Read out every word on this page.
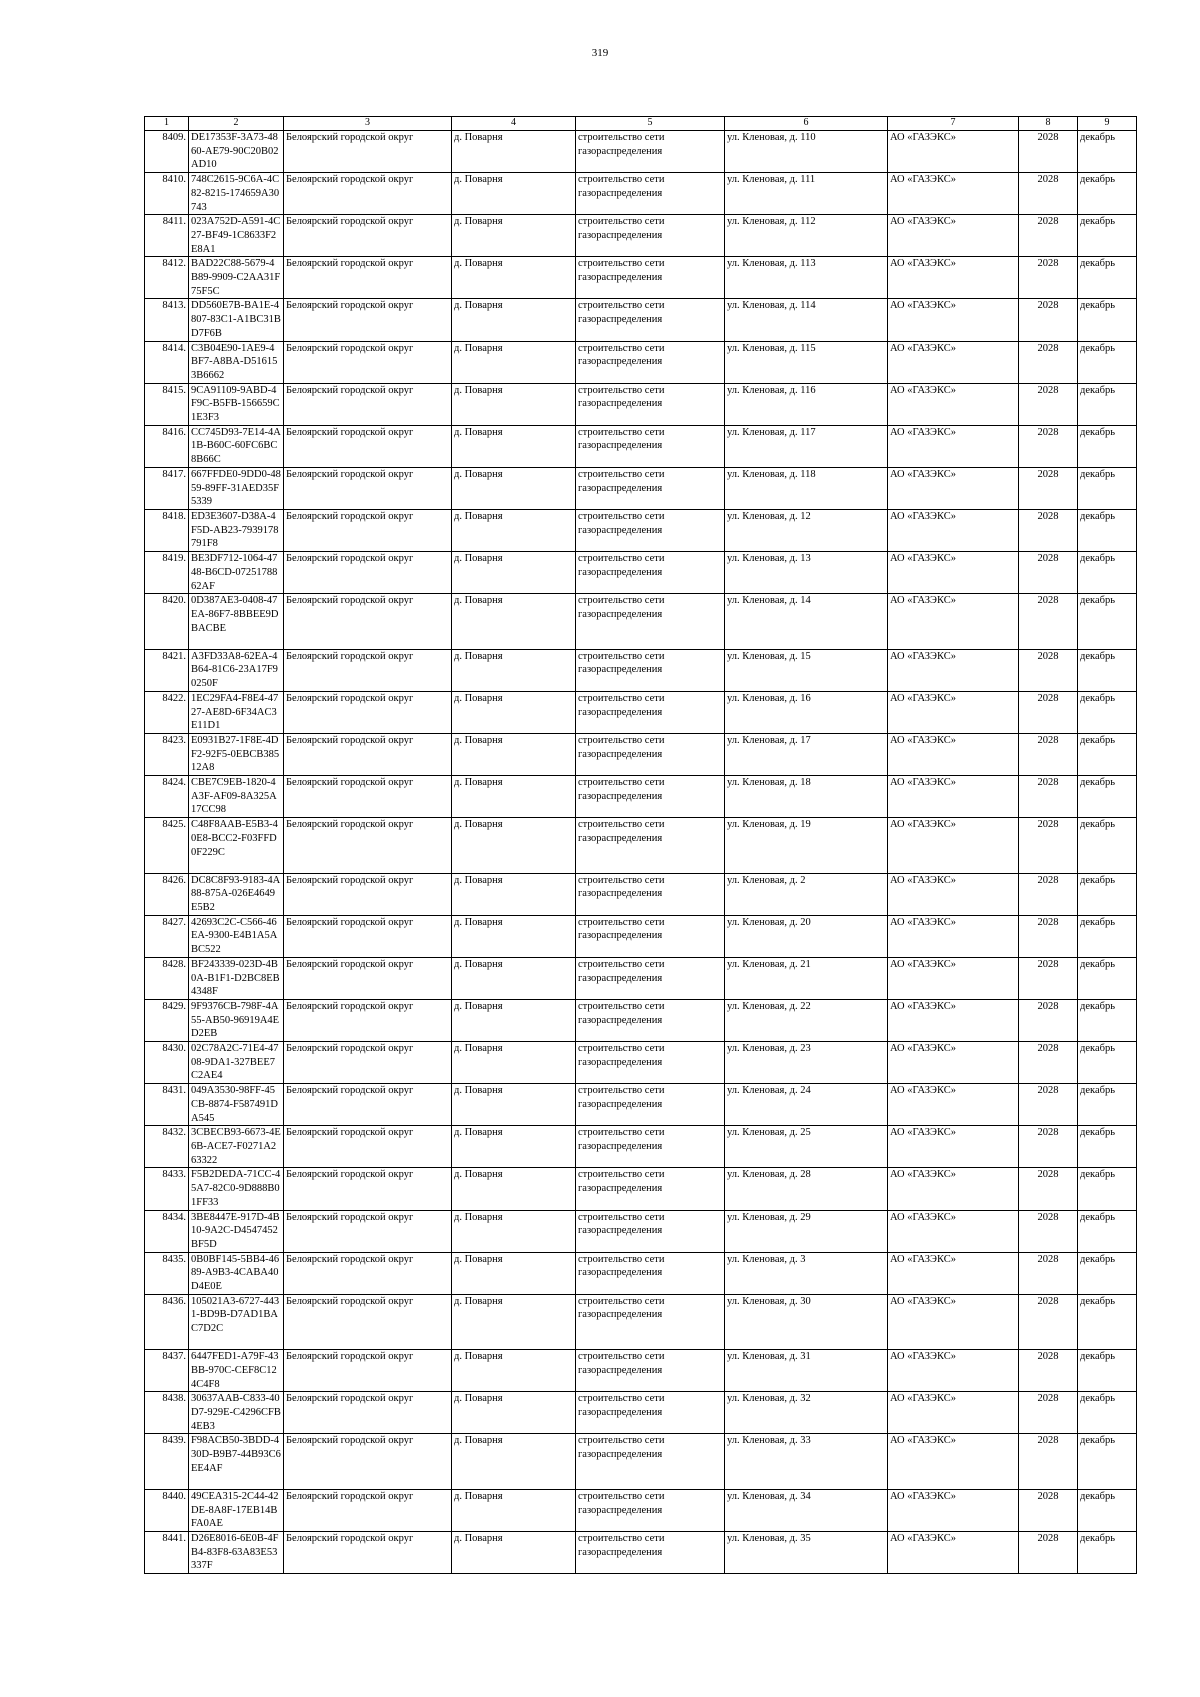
319
1	2	3	4	5	6	7	8	9
8409.	DE17353F-3A73-4860-AE79-90C20B02AD10	Белоярский городской округ	д. Поварня	строительство сети газораспределения	ул. Кленовая, д. 110	АО «ГАЗЭКС»	2028	декабрь
8410.	748C2615-9C6A-4C82-8215-174659A30743	Белоярский городской округ	д. Поварня	строительство сети газораспределения	ул. Кленовая, д. 111	АО «ГАЗЭКС»	2028	декабрь
8411.	023A752D-A591-4C27-BF49-1C8633F2E8A1	Белоярский городской округ	д. Поварня	строительство сети газораспределения	ул. Кленовая, д. 112	АО «ГАЗЭКС»	2028	декабрь
8412.	BAD22C88-5679-4B89-9909-C2AA31F75F5C	Белоярский городской округ	д. Поварня	строительство сети газораспределения	ул. Кленовая, д. 113	АО «ГАЗЭКС»	2028	декабрь
8413.	DD560E7B-BA1E-4807-83C1-A1BC31BD7F6B	Белоярский городской округ	д. Поварня	строительство сети газораспределения	ул. Кленовая, д. 114	АО «ГАЗЭКС»	2028	декабрь
8414.	C3B04E90-1AE9-4BF7-A8BA-D516153B6662	Белоярский городской округ	д. Поварня	строительство сети газораспределения	ул. Кленовая, д. 115	АО «ГАЗЭКС»	2028	декабрь
8415.	9CA91109-9ABD-4F9C-B5FB-156659C1E3F3	Белоярский городской округ	д. Поварня	строительство сети газораспределения	ул. Кленовая, д. 116	АО «ГАЗЭКС»	2028	декабрь
8416.	CC745D93-7E14-4A1B-B60C-60FC6BC8B66C	Белоярский городской округ	д. Поварня	строительство сети газораспределения	ул. Кленовая, д. 117	АО «ГАЗЭКС»	2028	декабрь
8417.	667FFDE0-9DD0-4859-89FF-31AED35F5339	Белоярский городской округ	д. Поварня	строительство сети газораспределения	ул. Кленовая, д. 118	АО «ГАЗЭКС»	2028	декабрь
8418.	ED3E3607-D38A-4F5D-AB23-7939178791F8	Белоярский городской округ	д. Поварня	строительство сети газораспределения	ул. Кленовая, д. 12	АО «ГАЗЭКС»	2028	декабрь
8419.	BE3DF712-1064-4748-B6CD-0725178862AF	Белоярский городской округ	д. Поварня	строительство сети газораспределения	ул. Кленовая, д. 13	АО «ГАЗЭКС»	2028	декабрь
8420.	0D387AE3-0408-47EA-86F7-8BBEE9DBACBE	Белоярский городской округ	д. Поварня	строительство сети газораспределения	ул. Кленовая, д. 14	АО «ГАЗЭКС»	2028	декабрь
8421.	A3FD33A8-62EA-4B64-81C6-23A17F90250F	Белоярский городской округ	д. Поварня	строительство сети газораспределения	ул. Кленовая, д. 15	АО «ГАЗЭКС»	2028	декабрь
8422.	1EC29FA4-F8E4-4727-AE8D-6F34AC3E11D1	Белоярский городской округ	д. Поварня	строительство сети газораспределения	ул. Кленовая, д. 16	АО «ГАЗЭКС»	2028	декабрь
8423.	E0931B27-1F8E-4DF2-92F5-0EBCB38512A8	Белоярский городской округ	д. Поварня	строительство сети газораспределения	ул. Кленовая, д. 17	АО «ГАЗЭКС»	2028	декабрь
8424.	CBE7C9EB-1820-4A3F-AF09-8A325A17CC98	Белоярский городской округ	д. Поварня	строительство сети газораспределения	ул. Кленовая, д. 18	АО «ГАЗЭКС»	2028	декабрь
8425.	C48F8AAB-E5B3-40E8-BCC2-F03FFD0F229C	Белоярский городской округ	д. Поварня	строительство сети газораспределения	ул. Кленовая, д. 19	АО «ГАЗЭКС»	2028	декабрь
8426.	DC8C8F93-9183-4A88-875A-026E4649E5B2	Белоярский городской округ	д. Поварня	строительство сети газораспределения	ул. Кленовая, д. 2	АО «ГАЗЭКС»	2028	декабрь
8427.	42693C2C-C566-46EA-9300-E4B1A5ABC522	Белоярский городской округ	д. Поварня	строительство сети газораспределения	ул. Кленовая, д. 20	АО «ГАЗЭКС»	2028	декабрь
8428.	BF243339-023D-4B0A-B1F1-D2BC8EB4348F	Белоярский городской округ	д. Поварня	строительство сети газораспределения	ул. Кленовая, д. 21	АО «ГАЗЭКС»	2028	декабрь
8429.	9F9376CB-798F-4A55-AB50-96919A4ED2EB	Белоярский городской округ	д. Поварня	строительство сети газораспределения	ул. Кленовая, д. 22	АО «ГАЗЭКС»	2028	декабрь
8430.	02C78A2C-71E4-4708-9DA1-327BEE7C2AE4	Белоярский городской округ	д. Поварня	строительство сети газораспределения	ул. Кленовая, д. 23	АО «ГАЗЭКС»	2028	декабрь
8431.	049A3530-98FF-45CB-8874-F587491DA545	Белоярский городской округ	д. Поварня	строительство сети газораспределения	ул. Кленовая, д. 24	АО «ГАЗЭКС»	2028	декабрь
8432.	3CBECB93-6673-4E6B-ACE7-F0271A263322	Белоярский городской округ	д. Поварня	строительство сети газораспределения	ул. Кленовая, д. 25	АО «ГАЗЭКС»	2028	декабрь
8433.	F5B2DEDA-71CC-45A7-82C0-9D888B01FF33	Белоярский городской округ	д. Поварня	строительство сети газораспределения	ул. Кленовая, д. 28	АО «ГАЗЭКС»	2028	декабрь
8434.	3BE8447E-917D-4B10-9A2C-D4547452BF5D	Белоярский городской округ	д. Поварня	строительство сети газораспределения	ул. Кленовая, д. 29	АО «ГАЗЭКС»	2028	декабрь
8435.	0B0BF145-5BB4-4689-A9B3-4CABA40D4E0E	Белоярский городской округ	д. Поварня	строительство сети газораспределения	ул. Кленовая, д. 3	АО «ГАЗЭКС»	2028	декабрь
8436.	105021A3-6727-4431-BD9B-D7AD1BAC7D2C	Белоярский городской округ	д. Поварня	строительство сети газораспределения	ул. Кленовая, д. 30	АО «ГАЗЭКС»	2028	декабрь
8437.	6447FED1-A79F-43BB-970C-CEF8C124C4F8	Белоярский городской округ	д. Поварня	строительство сети газораспределения	ул. Кленовая, д. 31	АО «ГАЗЭКС»	2028	декабрь
8438.	30637AAB-C833-40D7-929E-C4296CFB4EB3	Белоярский городской округ	д. Поварня	строительство сети газораспределения	ул. Кленовая, д. 32	АО «ГАЗЭКС»	2028	декабрь
8439.	F98ACB50-3BDD-430D-B9B7-44B93C6EE4AF	Белоярский городской округ	д. Поварня	строительство сети газораспределения	ул. Кленовая, д. 33	АО «ГАЗЭКС»	2028	декабрь
8440.	49CEA315-2C44-42DE-8A8F-17EB14BFA0AE	Белоярский городской округ	д. Поварня	строительство сети газораспределения	ул. Кленовая, д. 34	АО «ГАЗЭКС»	2028	декабрь
8441.	D26E8016-6E0B-4FB4-83F8-63A83E53337F	Белоярский городской округ	д. Поварня	строительство сети газораспределения	ул. Кленовая, д. 35	АО «ГАЗЭКС»	2028	декабрь
